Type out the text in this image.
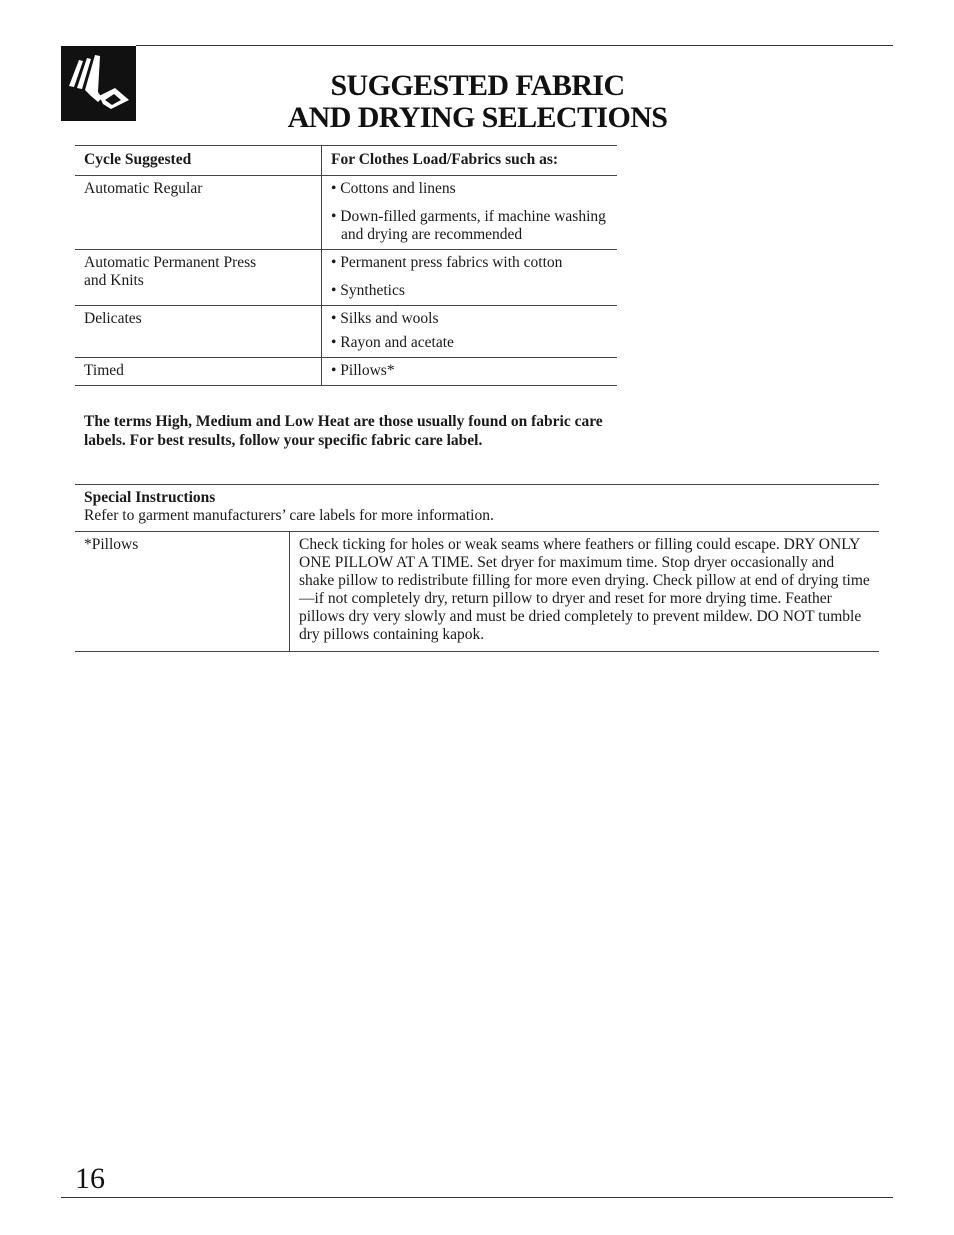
SUGGESTED FABRIC
AND DRYING SELECTIONS
Cycle Suggested	For Clothes Load/Fabrics such as:
Automatic Regular	• Cottons and linens

• Down-filled garments, if machine washing and drying are recommended

Automatic Permanent Press and Knits	• Permanent press fabrics with cotton

• Synthetics

Delicates	• Silks and wools

• Rayon and acetate

Timed	• Pillows*

The terms High, Medium and Low Heat are those usually found on fabric care labels. For best results, follow your specific fabric care label.

Special Instructions
Refer to garment manufacturers’ care labels for more information.

*Pillows	Check ticking for holes or weak seams where feathers or filling could escape. DRY ONLY ONE PILLOW AT A TIME. Set dryer for maximum time. Stop dryer occasionally and shake pillow to redistribute filling for more even drying. Check pillow at end of drying time—if not completely dry, return pillow to dryer and reset for more drying time. Feather pillows dry very slowly and must be dried completely to prevent mildew. DO NOT tumble dry pillows containing kapok.
16
